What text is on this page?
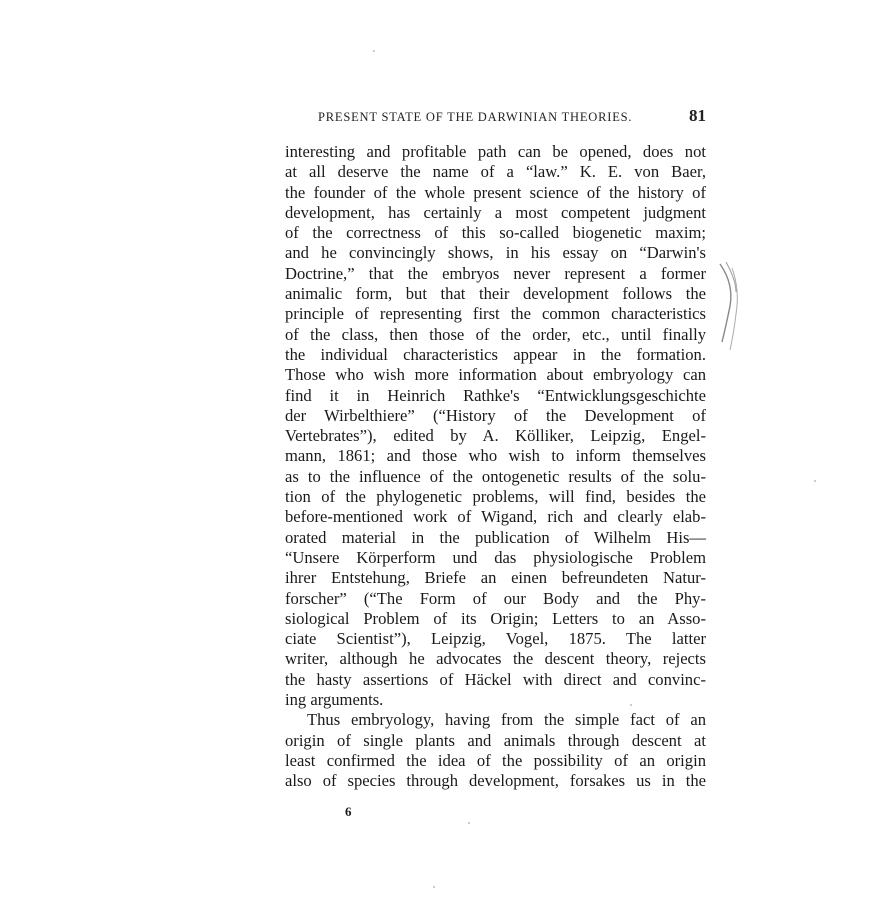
PRESENT STATE OF THE DARWINIAN THEORIES.	81
interesting and profitable path can be opened, does not
at all deserve the name of a “law.” K. E. von Baer,
the founder of the whole present science of the history of
development, has certainly a most competent judgment
of the correctness of this so-called biogenetic maxim;
and he convincingly shows, in his essay on “Darwin's
Doctrine,” that the embryos never represent a former
animalic form, but that their development follows the
principle of representing first the common characteristics
of the class, then those of the order, etc., until finally
the individual characteristics appear in the formation.
Those who wish more information about embryology can
find it in Heinrich Rathke's “Entwicklungsgeschichte
der Wirbelthiere” (“History of the Development of
Vertebrates”), edited by A. Kölliker, Leipzig, Engel-
mann, 1861; and those who wish to inform themselves
as to the influence of the ontogenetic results of the solu-
tion of the phylogenetic problems, will find, besides the
before-mentioned work of Wigand, rich and clearly elab-
orated material in the publication of Wilhelm His—
“Unsere Körperform und das physiologische Problem
ihrer Entstehung, Briefe an einen befreundeten Natur-
forscher” (“The Form of our Body and the Phy-
siological Problem of its Origin; Letters to an Asso-
ciate Scientist”), Leipzig, Vogel, 1875. The latter
writer, although he advocates the descent theory, rejects
the hasty assertions of Häckel with direct and convinc-
ing arguments.
Thus embryology, having from the simple fact of an
origin of single plants and animals through descent at
least confirmed the idea of the possibility of an origin
also of species through development, forsakes us in the
6
